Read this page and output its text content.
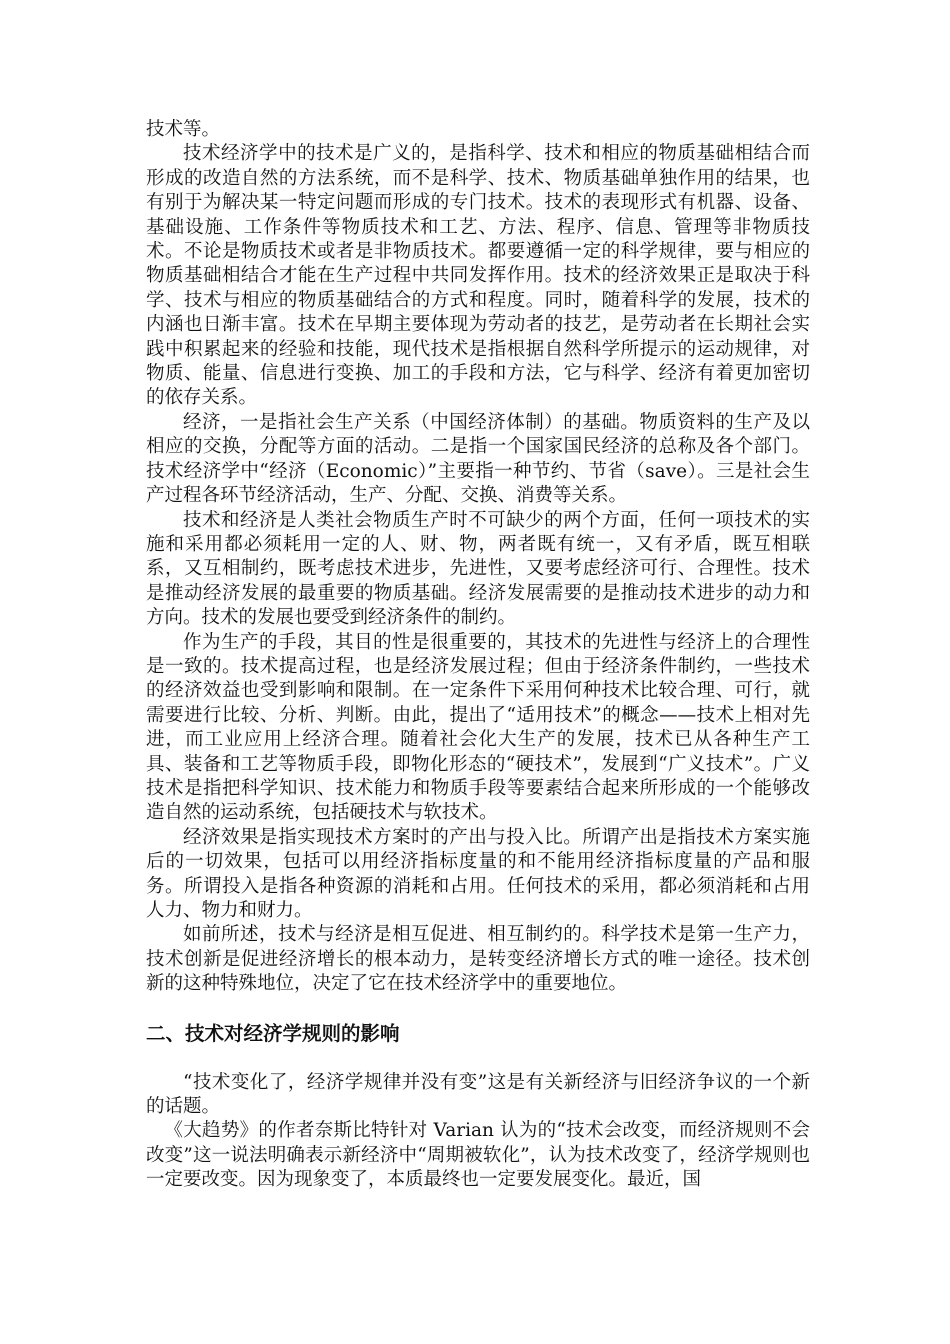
技术等。

技术经济学中的技术是广义的，是指科学、技术和相应的物质基础相结合而形成的改造自然的方法系统，而不是科学、技术、物质基础单独作用的结果，也有别于为解决某一特定问题而形成的专门技术。技术的表现形式有机器、设备、基础设施、工作条件等物质技术和工艺、方法、程序、信息、管理等非物质技术。不论是物质技术或者是非物质技术。都要遵循一定的科学规律，要与相应的物质基础相结合才能在生产过程中共同发挥作用。技术的经济效果正是取决于科学、技术与相应的物质基础结合的方式和程度。同时，随着科学的发展，技术的内涵也日渐丰富。技术在早期主要体现为劳动者的技艺，是劳动者在长期社会实践中积累起来的经验和技能，现代技术是指根据自然科学所提示的运动规律，对物质、能量、信息进行变换、加工的手段和方法，它与科学、经济有着更加密切的依存关系。

经济，一是指社会生产关系（中国经济体制）的基础。物质资料的生产及以相应的交换，分配等方面的活动。二是指一个国家国民经济的总称及各个部门。技术经济学中“经济（Economic）”主要指一种节约、节省（save）。三是社会生产过程各环节经济活动，生产、分配、交换、消费等关系。

技术和经济是人类社会物质生产时不可缺少的两个方面，任何一项技术的实施和采用都必须耗用一定的人、财、物，两者既有统一，又有矛盾，既互相联系，又互相制约，既考虑技术进步，先进性，又要考虑经济可行、合理性。技术是推动经济发展的最重要的物质基础。经济发展需要的是推动技术进步的动力和方向。技术的发展也要受到经济条件的制约。

作为生产的手段，其目的性是很重要的，其技术的先进性与经济上的合理性是一致的。技术提高过程，也是经济发展过程；但由于经济条件制约，一些技术的经济效益也受到影响和限制。在一定条件下采用何种技术比较合理、可行，就需要进行比较、分析、判断。由此，提出了“适用技术”的概念——技术上相对先进，而工业应用上经济合理。随着社会化大生产的发展，技术已从各种生产工具、装备和工艺等物质手段，即物化形态的“硬技术”，发展到“广义技术”。广义技术是指把科学知识、技术能力和物质手段等要素结合起来所形成的一个能够改造自然的运动系统，包括硬技术与软技术。

经济效果是指实现技术方案时的产出与投入比。所谓产出是指技术方案实施后的一切效果，包括可以用经济指标度量的和不能用经济指标度量的产品和服务。所谓投入是指各种资源的消耗和占用。任何技术的采用，都必须消耗和占用人力、物力和财力。

如前所述，技术与经济是相互促进、相互制约的。科学技术是第一生产力，技术创新是促进经济增长的根本动力，是转变经济增长方式的唯一途径。技术创新的这种特殊地位，决定了它在技术经济学中的重要地位。

二、技术对经济学规则的影响

“技术变化了，经济学规律并没有变”这是有关新经济与旧经济争议的一个新的话题。

《大趋势》的作者奈斯比特针对 Varian 认为的“技术会改变，而经济规则不会改变”这一说法明确表示新经济中“周期被软化”，认为技术改变了，经济学规则也一定要改变。因为现象变了，本质最终也一定要发展变化。最近，国
